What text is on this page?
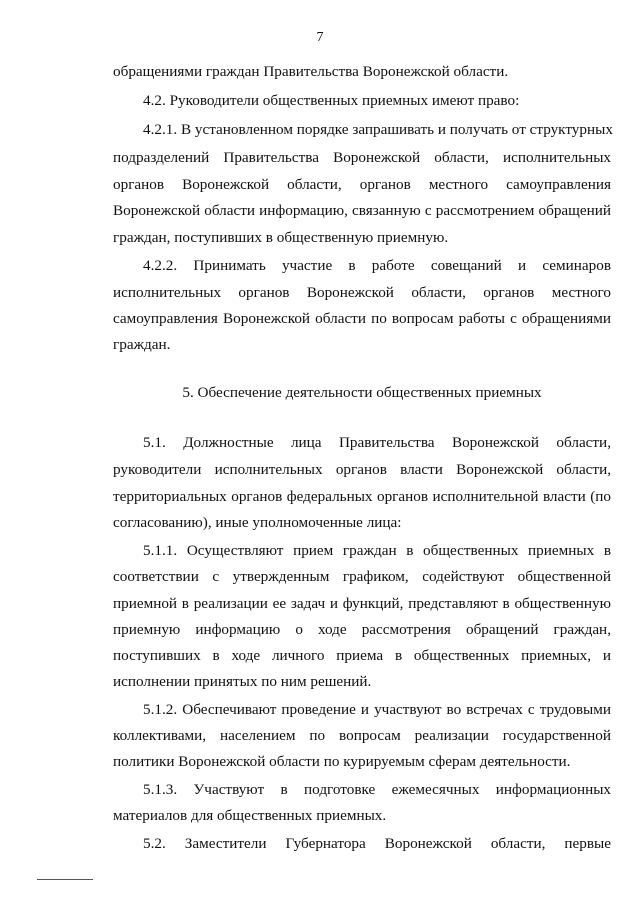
7
обращениями граждан Правительства Воронежской области.
4.2. Руководители общественных приемных имеют право:
4.2.1. В установленном порядке запрашивать и получать от структурных
подразделений Правительства Воронежской области, исполнительных
органов Воронежской области, органов местного самоуправления
Воронежской области информацию, связанную с рассмотрением обращений
граждан, поступивших в общественную приемную.
4.2.2. Принимать участие в работе совещаний и семинаров
исполнительных органов Воронежской области, органов местного
самоуправления Воронежской области по вопросам работы с обращениями
граждан.
5. Обеспечение деятельности общественных приемных
5.1. Должностные лица Правительства Воронежской области,
руководители исполнительных органов власти Воронежской области,
территориальных органов федеральных органов исполнительной власти (по
согласованию), иные уполномоченные лица:
5.1.1. Осуществляют прием граждан в общественных приемных в
соответствии с утвержденным графиком, содействуют общественной
приемной в реализации ее задач и функций, представляют в общественную
приемную информацию о ходе рассмотрения обращений граждан,
поступивших в ходе личного приема в общественных приемных, и
исполнении принятых по ним решений.
5.1.2. Обеспечивают проведение и участвуют во встречах с трудовыми
коллективами, населением по вопросам реализации государственной
политики Воронежской области по курируемым сферам деятельности.
5.1.3. Участвуют в подготовке ежемесячных информационных
материалов для общественных приемных.
5.2. Заместители Губернатора Воронежской области, первые
